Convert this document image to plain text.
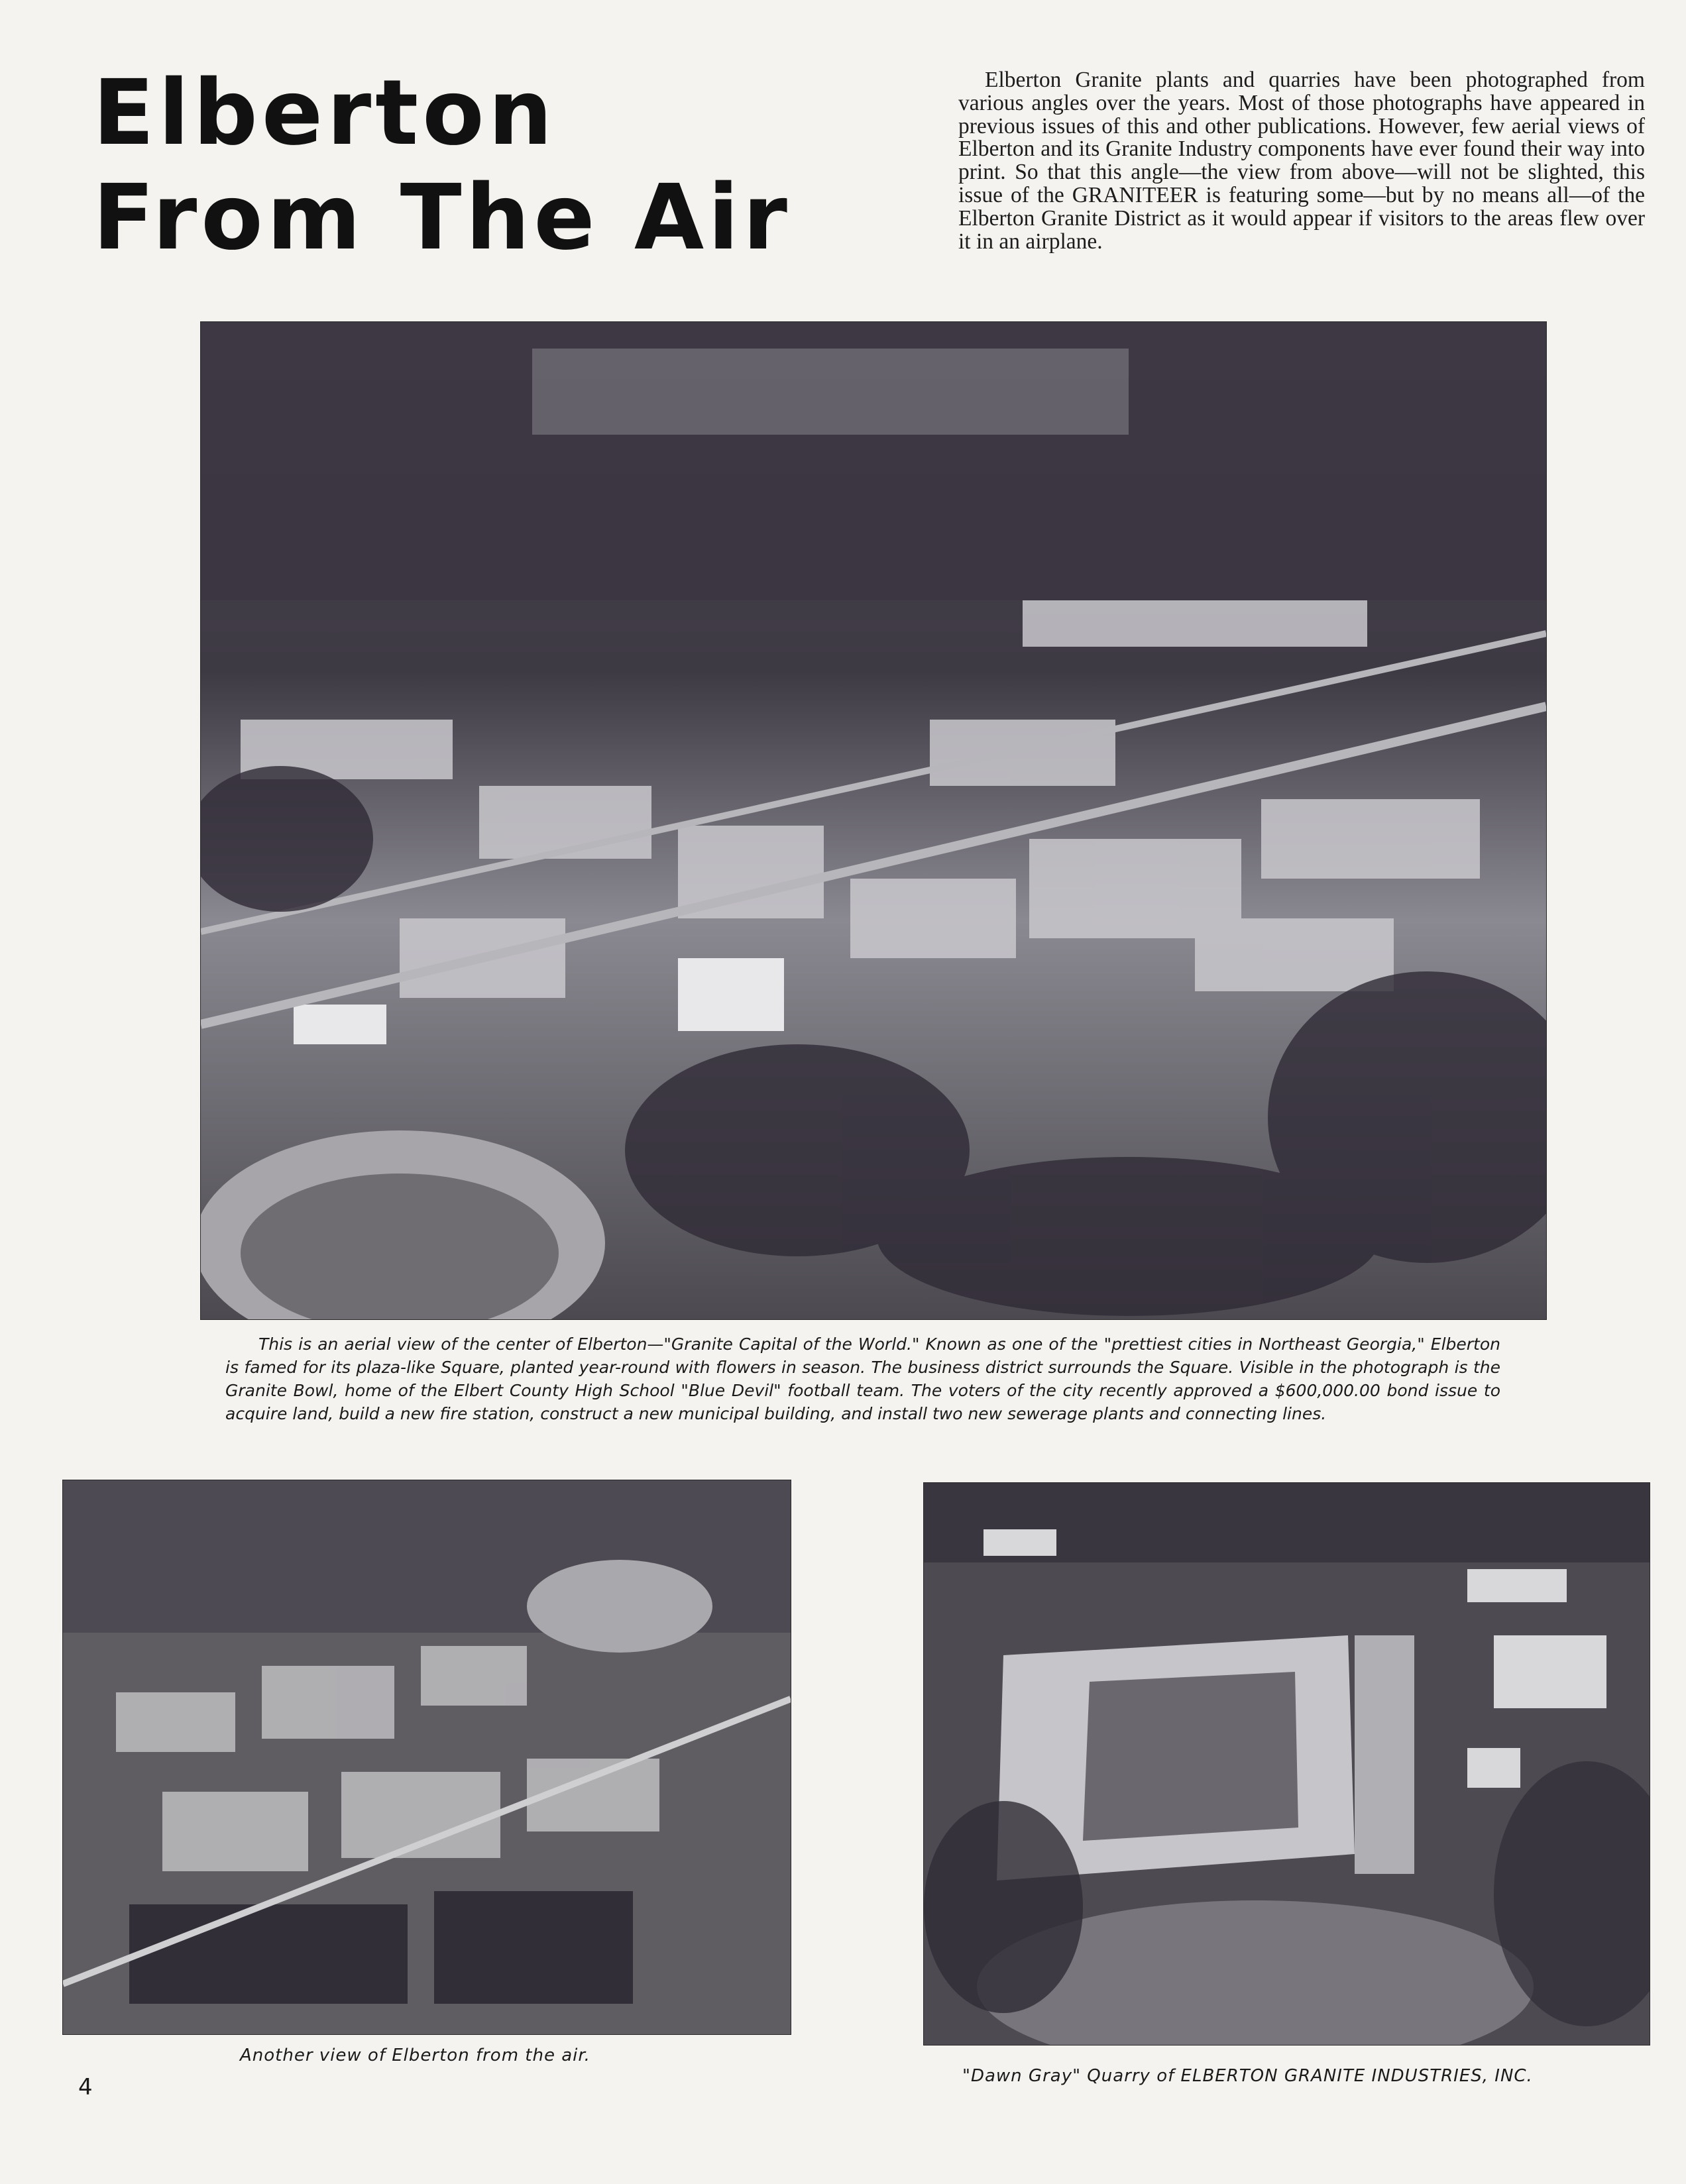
Elberton
From The Air

Elberton Granite plants and quarries have been photographed from various angles over the years. Most of those photographs have appeared in previous issues of this and other publications. However, few aerial views of Elberton and its Granite Industry components have ever found their way into print. So that this angle—the view from above—will not be slighted, this issue of the GRANITEER is featuring some—but by no means all—of the Elberton Granite District as it would appear if visitors to the areas flew over it in an airplane.

This is an aerial view of the center of Elberton—"Granite Capital of the World." Known as one of the "prettiest cities in Northeast Georgia," Elberton is famed for its plaza-like Square, planted year-round with flowers in season. The business district surrounds the Square. Visible in the photograph is the Granite Bowl, home of the Elbert County High School "Blue Devil" football team. The voters of the city recently approved a $600,000.00 bond issue to acquire land, build a new fire station, construct a new municipal building, and install two new sewerage plants and connecting lines.

Another view of Elberton from the air.

"Dawn Gray" Quarry of ELBERTON GRANITE INDUSTRIES, INC.

4
